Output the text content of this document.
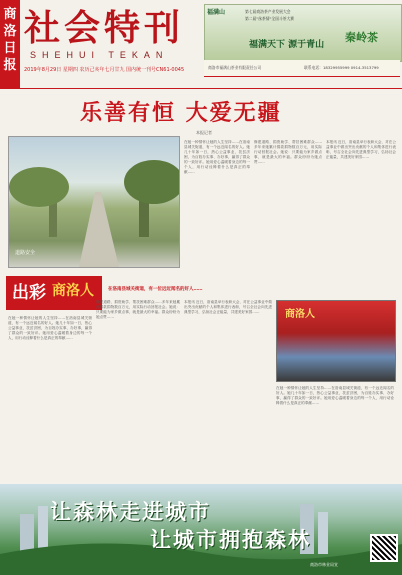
商洛日报
社会特刊
SHEHUI TEKAN
2019年8月29日 星期四 农历己亥年七月廿九 国内统一刊号CN61-0045
福满山	第七届商洛茶产业发展大会
第二届"丝茶情"全国斗茶大赛
福满天下 源于青山
秦岭茶
商洛市福满山茶业有限责任公司	联系电话：18329955999 0914-3513799
乐善有恒 大爱无疆
本报记者
道路安全

在她一种情怀让她的人生坚持……在洛南县城关街道，有一个远近闻名的好人。她几十年如一日，热心公益事业，扶贫济困，为百姓办实事、办好事，赢得了群众的一致好评。她用爱心温暖着身边的每一个人，用行动诠释着什么是真正的奉献……

修建道路、捐资助学、帮扶困难群众……多年来她累计捐款捐物数百万元，用实际行动回报社会。她说：只要能为家乡做点事，就是最大的幸福。群众纷纷为她点赞……

本报讯 近日，洛南县举行表彰大会，对在公益事业中做出突出贡献的个人和集体进行表彰，号召全社会向先进典型学习，弘扬社会正能量，共建美好家园……

出彩 商洛人	在洛南县城关街道，有一位远近闻名的好人……

在她一种情怀让她的人生坚持……在洛南县城关街道，有一个远近闻名的好人。她几十年如一日，热心公益事业，扶贫济困，为百姓办实事、办好事，赢得了群众的一致好评。她用爱心温暖着身边的每一个人，用行动诠释着什么是真正的奉献……

修建道路、捐资助学、帮扶困难群众……多年来她累计捐款捐物数百万元，用实际行动回报社会。她说：只要能为家乡做点事，就是最大的幸福。群众纷纷为她点赞……

本报讯 近日，洛南县举行表彰大会，对在公益事业中做出突出贡献的个人和集体进行表彰，号召全社会向先进典型学习，弘扬社会正能量，共建美好家园……

在她一种情怀让她的人生坚持……在洛南县城关街道，有一个远近闻名的好人。她几十年如一日，热心公益事业，扶贫济困，为百姓办实事、办好事，赢得了群众的一致好评。她用爱心温暖着身边的每一个人，用行动诠释着什么是真正的奉献……

商洛人
让森林走进城市
让城市拥抱森林
商洛市林业局宣
